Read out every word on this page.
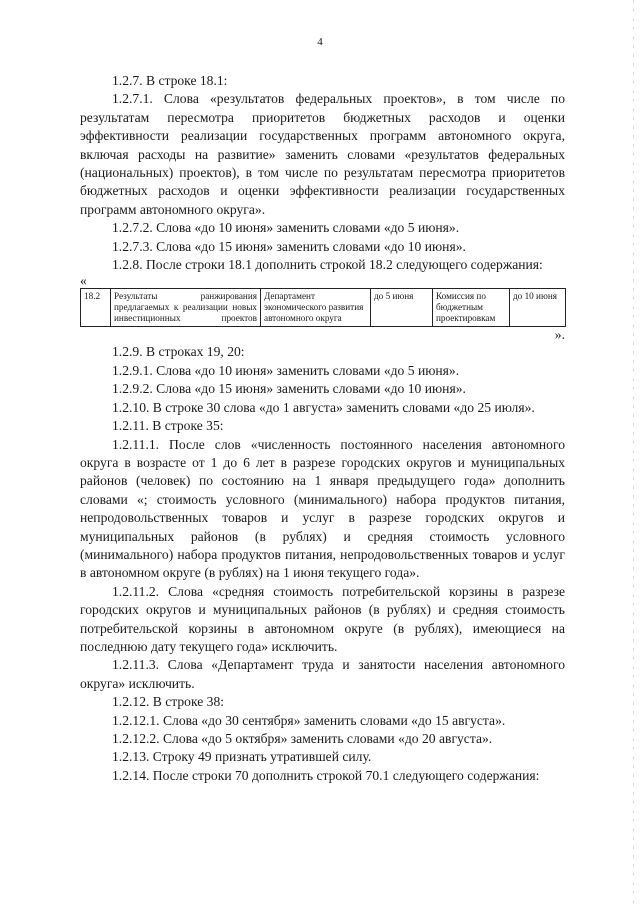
4

1.2.7. В строке 18.1:

1.2.7.1. Слова «результатов федеральных проектов», в том числе по результатам пересмотра приоритетов бюджетных расходов и оценки эффективности реализации государственных программ автономного округа, включая расходы на развитие» заменить словами «результатов федеральных (национальных) проектов), в том числе по результатам пересмотра приоритетов бюджетных расходов и оценки эффективности реализации государственных программ автономного округа».

1.2.7.2. Слова «до 10 июня» заменить словами «до 5 июня».

1.2.7.3. Слова «до 15 июня» заменить словами «до 10 июня».

1.2.8. После строки 18.1 дополнить строкой 18.2 следующего содержания:

«

18.2	Результаты ранжирования предлагаемых к реализации новых инвестиционных проектов	Департамент экономического развития автономного округа	до 5 июня	Комиссия по бюджетным проектировкам	до 10 июня

».

1.2.9. В строках 19, 20:

1.2.9.1. Слова «до 10 июня» заменить словами «до 5 июня».

1.2.9.2. Слова «до 15 июня» заменить словами «до 10 июня».

1.2.10. В строке 30 слова «до 1 августа» заменить словами «до 25 июля».

1.2.11. В строке 35:

1.2.11.1. После слов «численность постоянного населения автономного округа в возрасте от 1 до 6 лет в разрезе городских округов и муниципальных районов (человек) по состоянию на 1 января предыдущего года» дополнить словами «; стоимость условного (минимального) набора продуктов питания, непродовольственных товаров и услуг в разрезе городских округов и муниципальных районов (в рублях) и средняя стоимость условного (минимального) набора продуктов питания, непродовольственных товаров и услуг в автономном округе (в рублях) на 1 июня текущего года».

1.2.11.2. Слова «средняя стоимость потребительской корзины в разрезе городских округов и муниципальных районов (в рублях) и средняя стоимость потребительской корзины в автономном округе (в рублях), имеющиеся на последнюю дату текущего года» исключить.

1.2.11.3. Слова «Департамент труда и занятости населения автономного округа» исключить.

1.2.12. В строке 38:

1.2.12.1. Слова «до 30 сентября» заменить словами «до 15 августа».

1.2.12.2. Слова «до 5 октября» заменить словами «до 20 августа».

1.2.13. Строку 49 признать утратившей силу.

1.2.14. После строки 70 дополнить строкой 70.1 следующего содержания:
